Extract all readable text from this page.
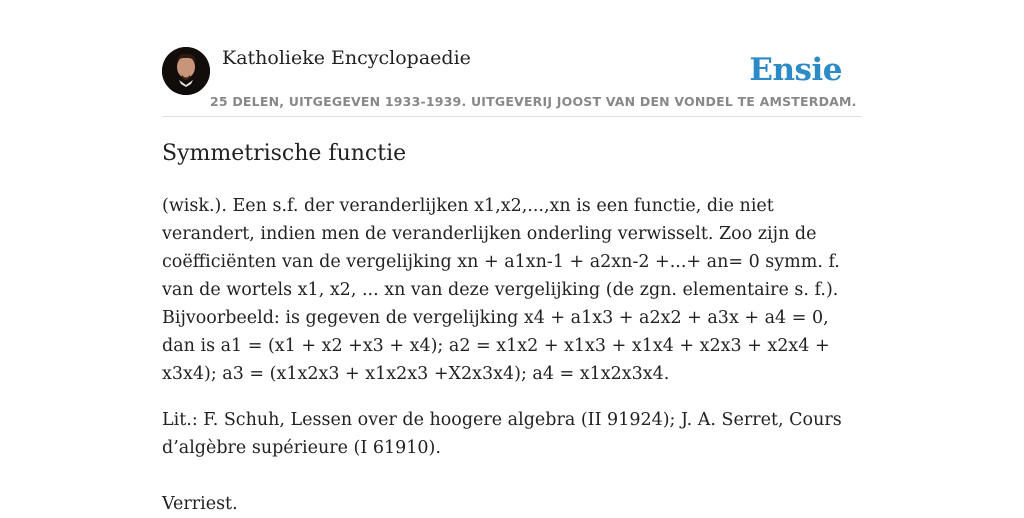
Katholieke Encyclopaedie
25 DELEN, UITGEGEVEN 1933-1939. UITGEVERIJ JOOST VAN DEN VONDEL TE AMSTERDAM.
Ensie
Symmetrische functie

(wisk.). Een s.f. der veranderlijken x1,x2,...,xn is een functie, die niet verandert, indien men de veranderlijken onderling verwisselt. Zoo zijn de coëfficiënten van de vergelijking xn + a1xn-1 + a2xn-2 +...+ an= 0 symm. f. van de wortels x1, x2, ... xn van deze vergelijking (de zgn. elementaire s. f.). Bijvoorbeeld: is gegeven de vergelijking x4 + a1x3 + a2x2 + a3x + a4 = 0, dan is a1 = (x1 + x2 +x3 + x4); a2 = x1x2 + x1x3 + x1x4 + x2x3 + x2x4 + x3x4); a3 = (x1x2x3 + x1x2x3 +X2x3x4); a4 = x1x2x3x4.

Lit.: F. Schuh, Lessen over de hoogere algebra (II 91924); J. A. Serret, Cours d’algèbre supérieure (I 61910).

Verriest.
